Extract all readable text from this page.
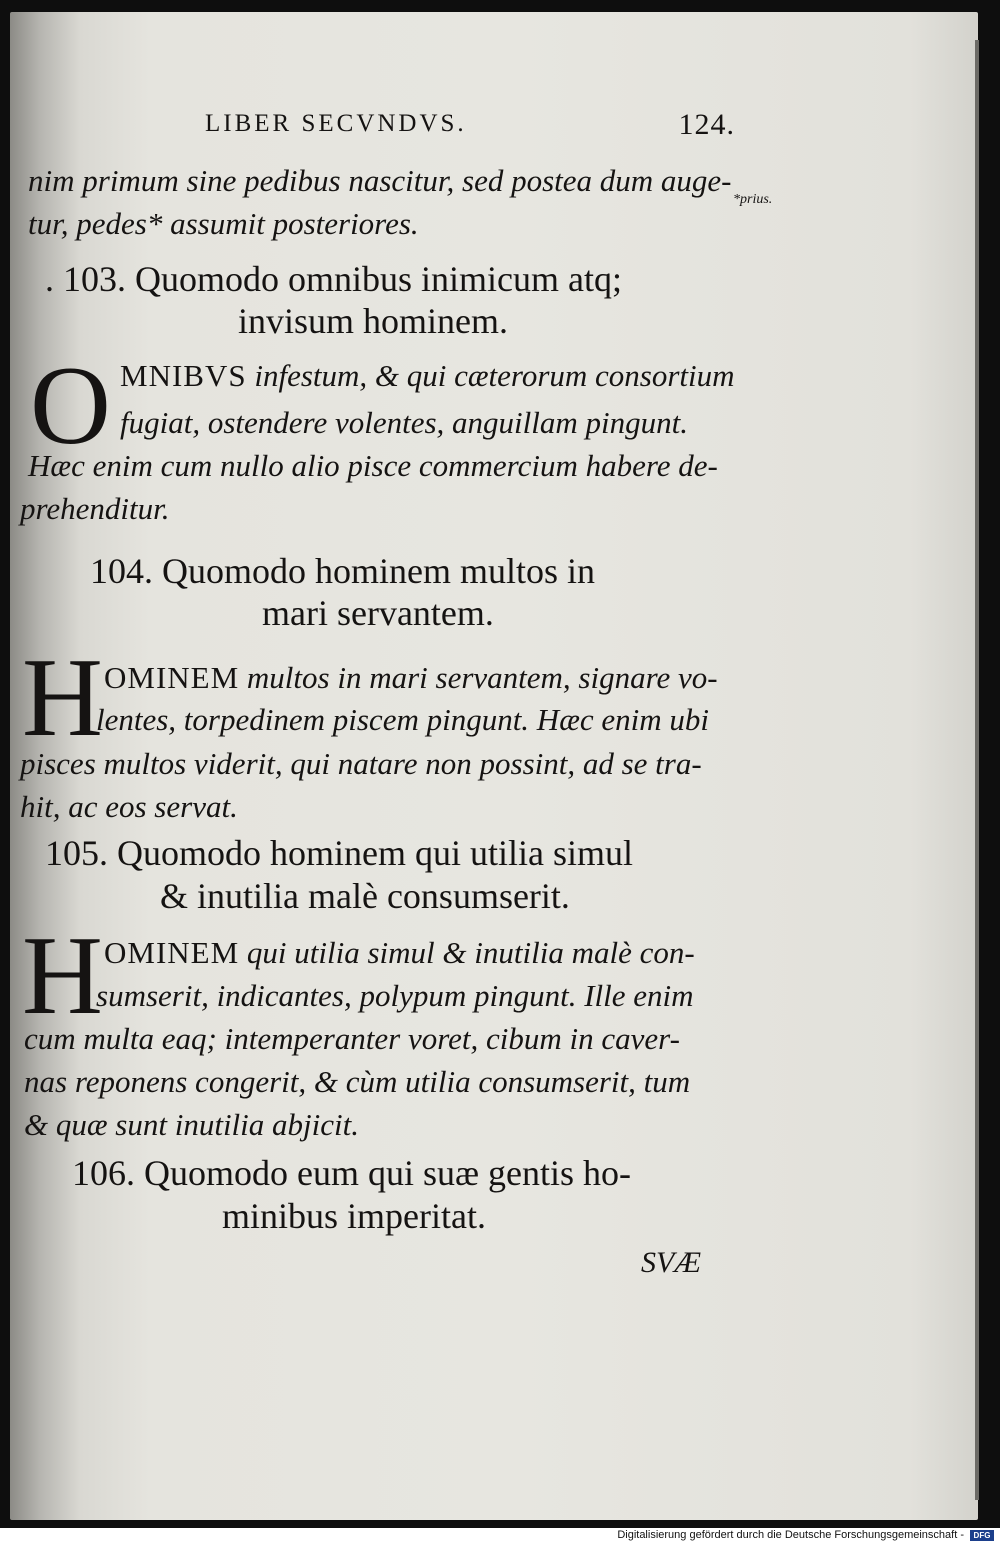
LIBER SECVNDVS.	124.
nim primum sine pedibus nascitur, sed postea dum auge-
*prius.
tur, pedes* assumit posteriores.
. 103. Quomodo omnibus inimicum atq;
invisum hominem.
O MNIBVS infestum, & qui cæterorum consortium
fugiat, ostendere volentes, anguillam pingunt.
Hæc enim cum nullo alio pisce commercium habere de-
prehenditur.
104. Quomodo hominem multos in
mari servantem.
H OMINEM multos in mari servantem, signare vo-
lentes, torpedinem piscem pingunt. Hæc enim ubi
pisces multos viderit, qui natare non possint, ad se tra-
hit, ac eos servat.
105. Quomodo hominem qui utilia simul
& inutilia malè consumserit.
H OMINEM qui utilia simul & inutilia malè con-
sumserit, indicantes, polypum pingunt. Ille enim
cum multa eaq; intemperanter voret, cibum in caver-
nas reponens congerit, & cùm utilia consumserit, tum
& quæ sunt inutilia abjicit.
106. Quomodo eum qui suæ gentis ho-
minibus imperitat.
SVÆ
Digitalisierung gefördert durch die Deutsche Forschungsgemeinschaft -	DFG
